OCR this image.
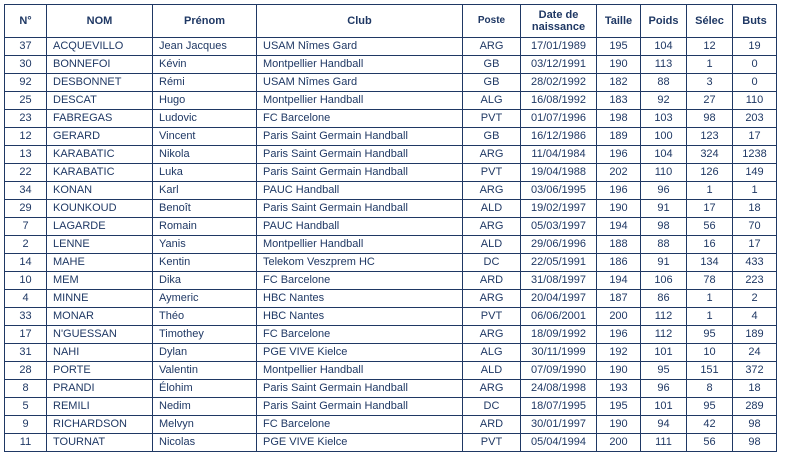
N°	NOM	Prénom	Club	Poste	Date de naissance	Taille	Poids	Sélec	Buts
37	ACQUEVILLO	Jean Jacques	USAM Nîmes Gard	ARG	17/01/1989	195	104	12	19
30	BONNEFOI	Kévin	Montpellier Handball	GB	03/12/1991	190	113	1	0
92	DESBONNET	Rémi	USAM Nîmes Gard	GB	28/02/1992	182	88	3	0
25	DESCAT	Hugo	Montpellier Handball	ALG	16/08/1992	183	92	27	110
23	FABREGAS	Ludovic	FC Barcelone	PVT	01/07/1996	198	103	98	203
12	GERARD	Vincent	Paris Saint Germain Handball	GB	16/12/1986	189	100	123	17
13	KARABATIC	Nikola	Paris Saint Germain Handball	ARG	11/04/1984	196	104	324	1238
22	KARABATIC	Luka	Paris Saint Germain Handball	PVT	19/04/1988	202	110	126	149
34	KONAN	Karl	PAUC Handball	ARG	03/06/1995	196	96	1	1
29	KOUNKOUD	Benoît	Paris Saint Germain Handball	ALD	19/02/1997	190	91	17	18
7	LAGARDE	Romain	PAUC Handball	ARG	05/03/1997	194	98	56	70
2	LENNE	Yanis	Montpellier Handball	ALD	29/06/1996	188	88	16	17
14	MAHE	Kentin	Telekom Veszprem HC	DC	22/05/1991	186	91	134	433
10	MEM	Dika	FC Barcelone	ARD	31/08/1997	194	106	78	223
4	MINNE	Aymeric	HBC Nantes	ARG	20/04/1997	187	86	1	2
33	MONAR	Théo	HBC Nantes	PVT	06/06/2001	200	112	1	4
17	N'GUESSAN	Timothey	FC Barcelone	ARG	18/09/1992	196	112	95	189
31	NAHI	Dylan	PGE VIVE Kielce	ALG	30/11/1999	192	101	10	24
28	PORTE	Valentin	Montpellier Handball	ALD	07/09/1990	190	95	151	372
8	PRANDI	Élohim	Paris Saint Germain Handball	ARG	24/08/1998	193	96	8	18
5	REMILI	Nedim	Paris Saint Germain Handball	DC	18/07/1995	195	101	95	289
9	RICHARDSON	Melvyn	FC Barcelone	ARD	30/01/1997	190	94	42	98
11	TOURNAT	Nicolas	PGE VIVE Kielce	PVT	05/04/1994	200	111	56	98
